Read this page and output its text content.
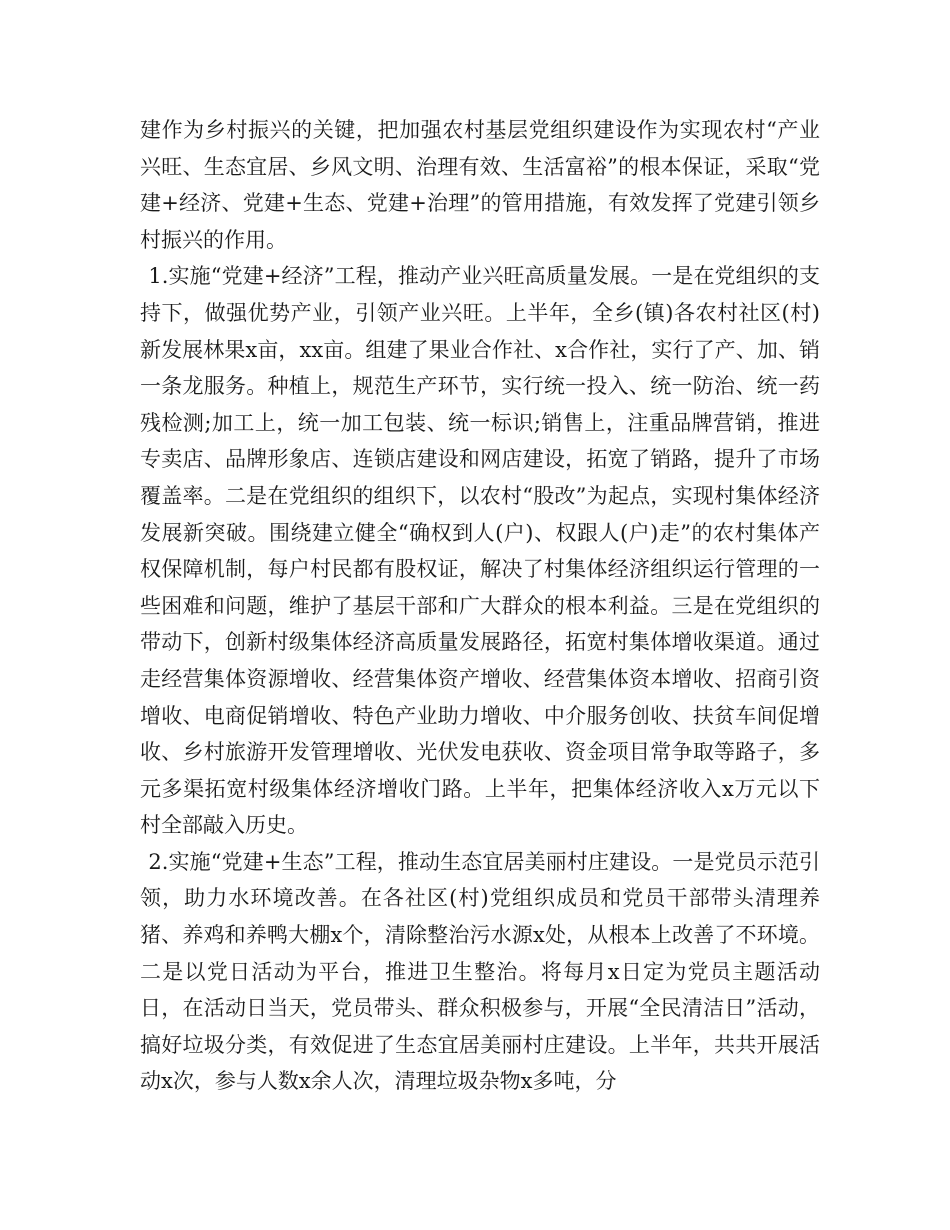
建作为乡村振兴的关键，把加强农村基层党组织建设作为实现农村“产业兴旺、生态宜居、乡风文明、治理有效、生活富裕”的根本保证，采取“党建+经济、党建+生态、党建+治理”的管用措施，有效发挥了党建引领乡村振兴的作用。

1.实施“党建+经济”工程，推动产业兴旺高质量发展。一是在党组织的支持下，做强优势产业，引领产业兴旺。上半年，全乡(镇)各农村社区(村)新发展林果x亩，xx亩。组建了果业合作社、x合作社，实行了产、加、销一条龙服务。种植上，规范生产环节，实行统一投入、统一防治、统一药残检测;加工上，统一加工包装、统一标识;销售上，注重品牌营销，推进专卖店、品牌形象店、连锁店建设和网店建设，拓宽了销路，提升了市场覆盖率。二是在党组织的组织下，以农村“股改”为起点，实现村集体经济发展新突破。围绕建立健全“确权到人(户)、权跟人(户)走”的农村集体产权保障机制，每户村民都有股权证，解决了村集体经济组织运行管理的一些困难和问题，维护了基层干部和广大群众的根本利益。三是在党组织的带动下，创新村级集体经济高质量发展路径，拓宽村集体增收渠道。通过走经营集体资源增收、经营集体资产增收、经营集体资本增收、招商引资增收、电商促销增收、特色产业助力增收、中介服务创收、扶贫车间促增收、乡村旅游开发管理增收、光伏发电获收、资金项目常争取等路子，多元多渠拓宽村级集体经济增收门路。上半年，把集体经济收入x万元以下村全部敲入历史。

2.实施“党建+生态”工程，推动生态宜居美丽村庄建设。一是党员示范引领，助力水环境改善。在各社区(村)党组织成员和党员干部带头清理养猪、养鸡和养鸭大棚x个，清除整治污水源x处，从根本上改善了不环境。二是以党日活动为平台，推进卫生整治。将每月x日定为党员主题活动日，在活动日当天，党员带头、群众积极参与，开展“全民清洁日”活动，搞好垃圾分类，有效促进了生态宜居美丽村庄建设。上半年，共共开展活动x次，参与人数x余人次，清理垃圾杂物x多吨，分
